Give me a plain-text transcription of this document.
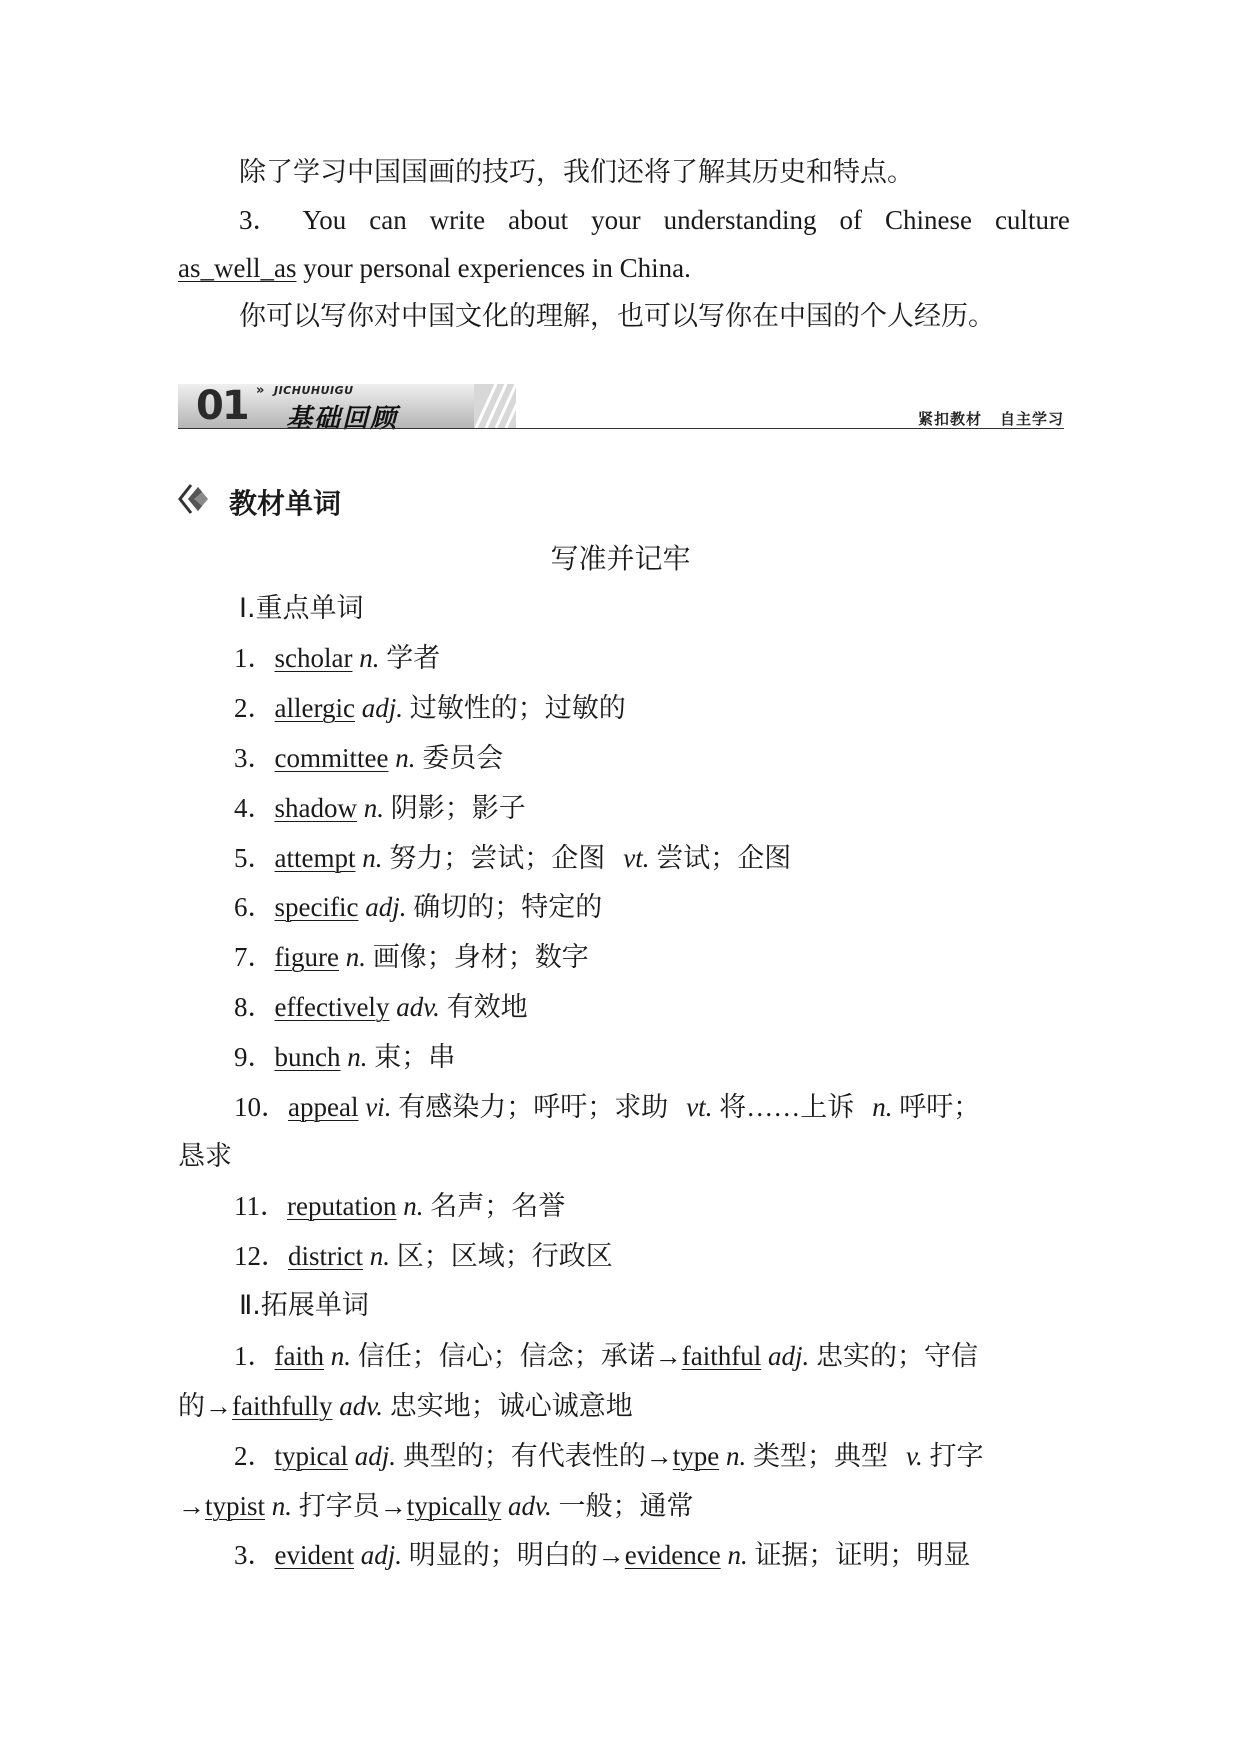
除了学习中国国画的技巧，我们还将了解其历史和特点。
3． You can write about your understanding of Chinese culture
as_well_as your personal experiences in China.
你可以写你对中国文化的理解，也可以写你在中国的个人经历。
01 » JICHUHUIGU
基础回顾	紧扣教材 自主学习
教材单词
写准并记牢
Ⅰ.重点单词
1．scholar n. 学者
2．allergic adj. 过敏性的；过敏的
3．committee n. 委员会
4．shadow n. 阴影；影子
5．attempt n. 努力；尝试；企图 vt. 尝试；企图
6．specific adj. 确切的；特定的
7．figure n. 画像；身材；数字
8．effectively adv. 有效地
9．bunch n. 束；串
10．appeal vi. 有感染力；呼吁；求助 vt. 将……上诉 n. 呼吁；
恳求
11．reputation n. 名声；名誉
12．district n. 区；区域；行政区
Ⅱ.拓展单词
1．faith n. 信任；信心；信念；承诺→faithful adj. 忠实的；守信
的→faithfully adv. 忠实地；诚心诚意地
2．typical adj. 典型的；有代表性的→type n. 类型；典型 v. 打字
→typist n. 打字员→typically adv. 一般；通常
3．evident adj. 明显的；明白的→evidence n. 证据；证明；明显
